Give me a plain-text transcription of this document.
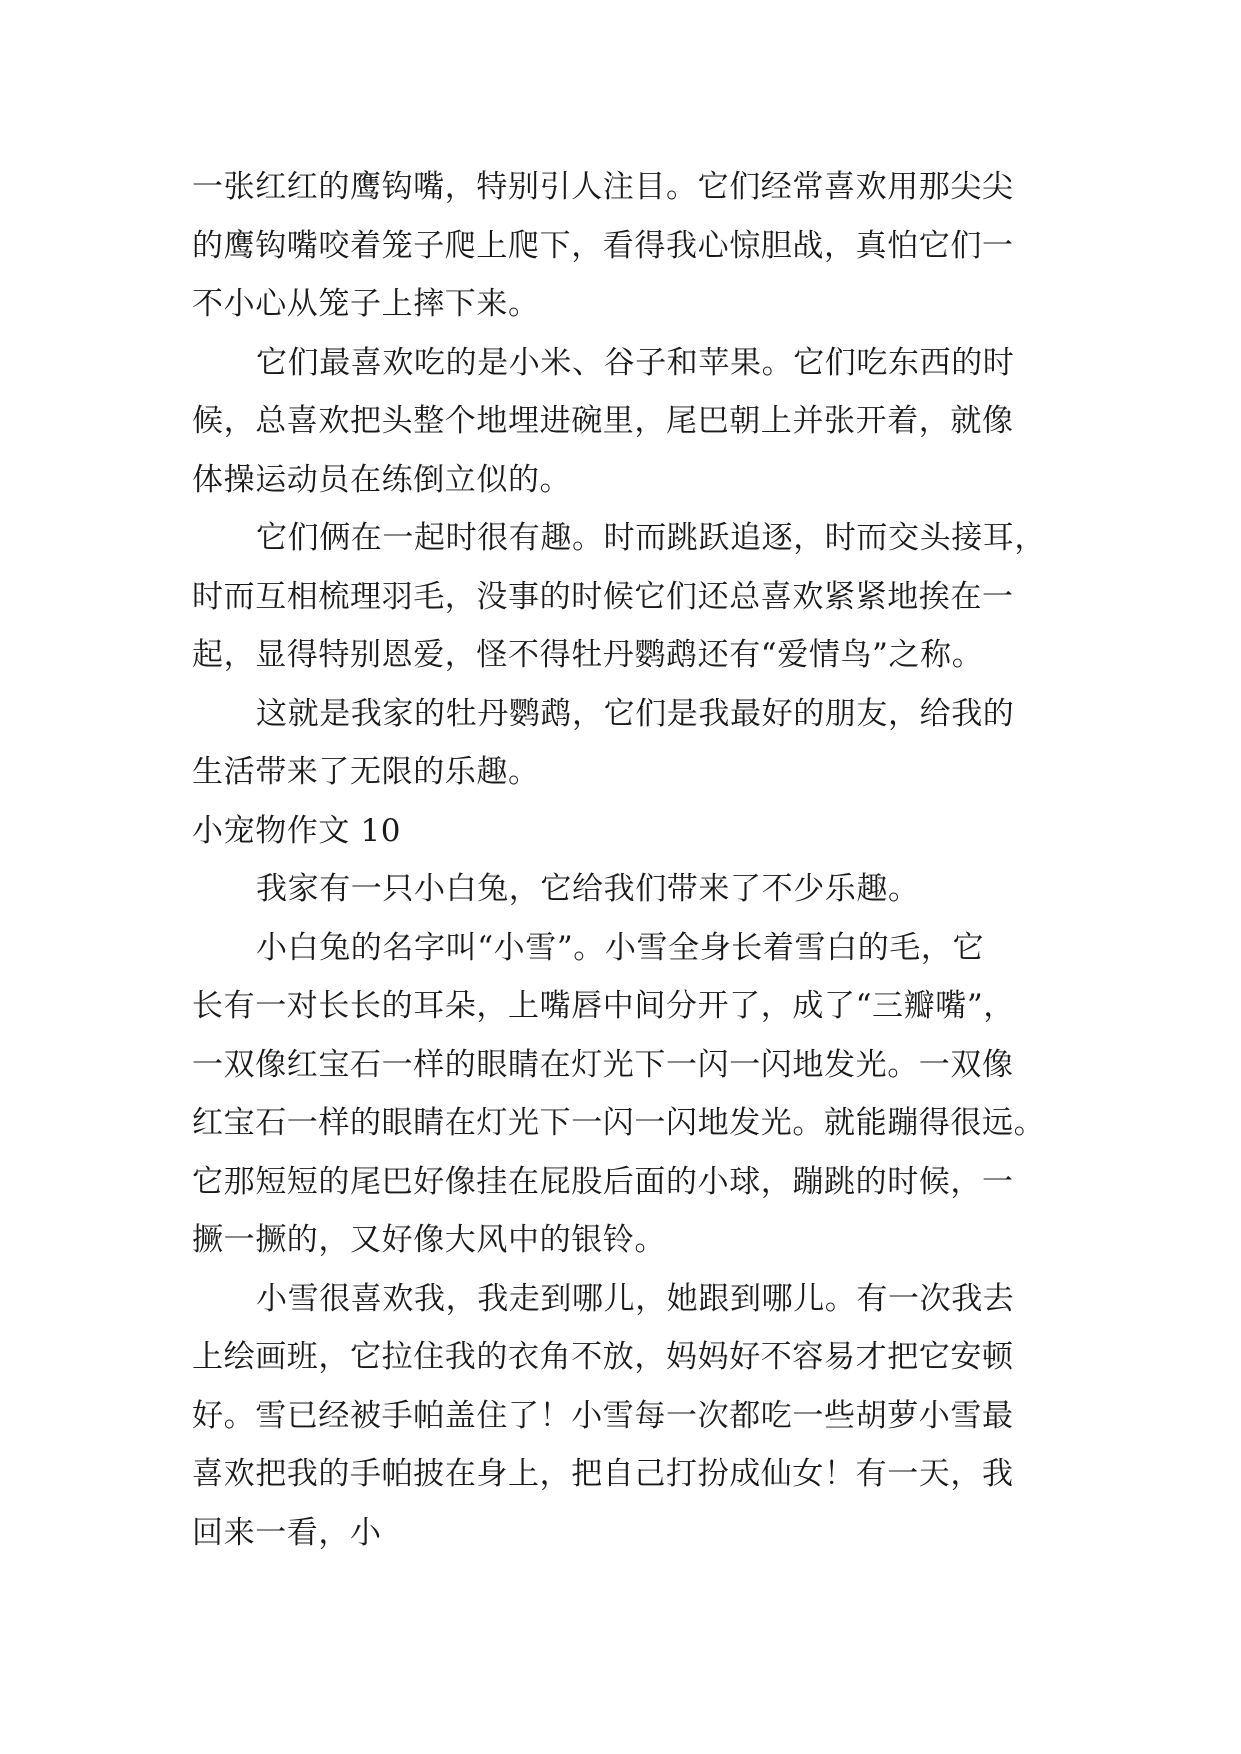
一张红红的鹰钩嘴，特别引人注目。它们经常喜欢用那尖尖
的鹰钩嘴咬着笼子爬上爬下，看得我心惊胆战，真怕它们一
不小心从笼子上摔下来。
它们最喜欢吃的是小米、谷子和苹果。它们吃东西的时
候，总喜欢把头整个地埋进碗里，尾巴朝上并张开着，就像
体操运动员在练倒立似的。
它们俩在一起时很有趣。时而跳跃追逐，时而交头接耳，
时而互相梳理羽毛，没事的时候它们还总喜欢紧紧地挨在一
起，显得特别恩爱，怪不得牡丹鹦鹉还有“爱情鸟”之称。
这就是我家的牡丹鹦鹉，它们是我最好的朋友，给我的
生活带来了无限的乐趣。
小宠物作文 10
我家有一只小白兔，它给我们带来了不少乐趣。
小白兔的名字叫“小雪”。小雪全身长着雪白的毛，它
长有一对长长的耳朵，上嘴唇中间分开了，成了“三瓣嘴”，
一双像红宝石一样的眼睛在灯光下一闪一闪地发光。一双像
红宝石一样的眼睛在灯光下一闪一闪地发光。就能蹦得很远。
它那短短的尾巴好像挂在屁股后面的小球，蹦跳的时候，一
撅一撅的，又好像大风中的银铃。
小雪很喜欢我，我走到哪儿，她跟到哪儿。有一次我去
上绘画班，它拉住我的衣角不放，妈妈好不容易才把它安顿
好。雪已经被手帕盖住了！小雪每一次都吃一些胡萝小雪最
喜欢把我的手帕披在身上，把自己打扮成仙女！有一天，我
回来一看，小
